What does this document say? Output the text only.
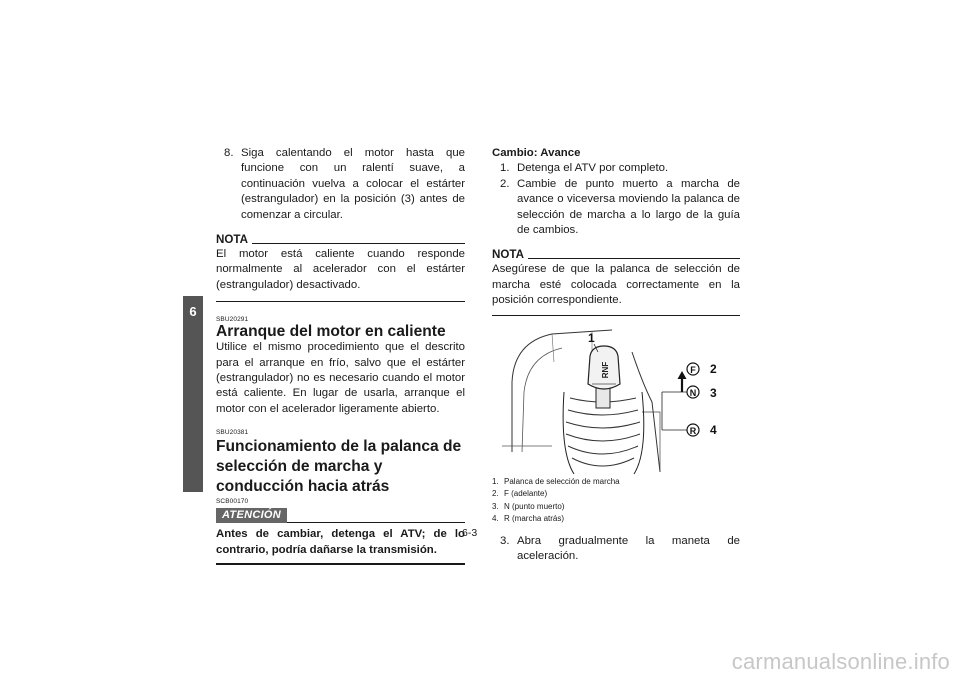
6
8. Siga calentando el motor hasta que funcione con un ralentí suave, a continuación vuelva a colocar el estárter (estrangulador) en la posición (3) antes de comenzar a circular.
NOTA

El motor está caliente cuando responde normalmente al acelerador con el estárter (estrangulador) desactivado.

SBU20291
Arranque del motor en caliente

Utilice el mismo procedimiento que el descrito para el arranque en frío, salvo que el estárter (estrangulador) no es necesario cuando el motor está caliente. En lugar de usarla, arranque el motor con el acelerador ligeramente abierto.

SBU20381
Funcionamiento de la palanca de selección de marcha y conducción hacia atrás
SCB00170
ATENCIÓN

Antes de cambiar, detenga el ATV; de lo contrario, podría dañarse la transmisión.

Cambio: Avance

1. Detenga el ATV por completo.
2. Cambie de punto muerto a marcha de avance o viceversa moviendo la palanca de selección de marcha a lo largo de la guía de cambios.
NOTA

Asegúrese de que la palanca de selección de marcha esté colocada correctamente en la posición correspondiente.

RNF
1
F
N
R
2
3
4
1. Palanca de selección de marcha
2. F (adelante)
3. N (punto muerto)
4. R (marcha atrás)
3. Abra gradualmente la maneta de aceleración.
6-3
carmanualsonline.info
